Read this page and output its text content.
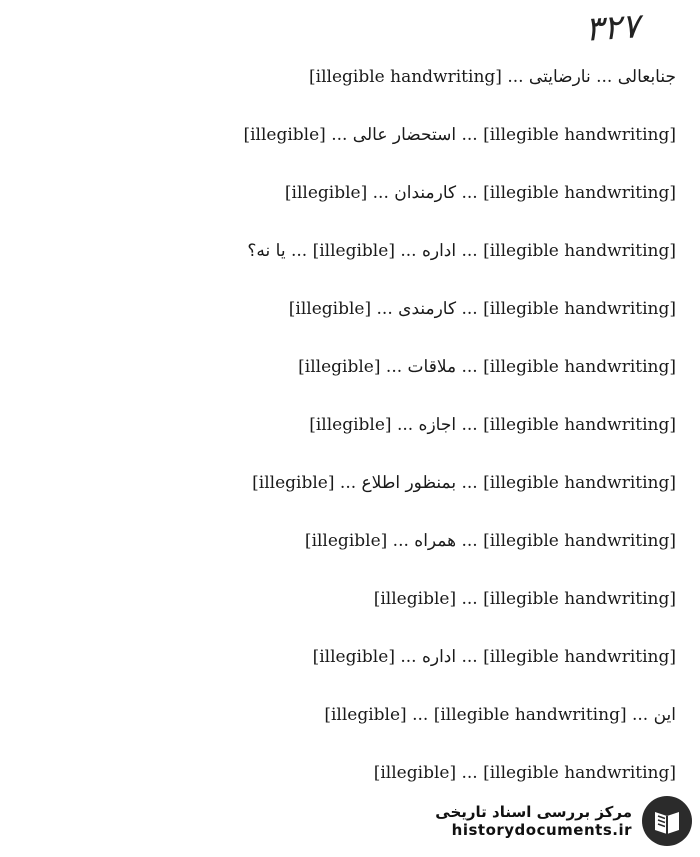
۳۲۷
جنابعالی ... نارضایتی ... [illegible handwriting]
[illegible handwriting] ... استحضار عالی ... [illegible]
[illegible handwriting] ... کارمندان ... [illegible]
[illegible handwriting] ... اداره ... [illegible] ... یا نه؟
[illegible handwriting] ... کارمندی ... [illegible]
[illegible handwriting] ... ملاقات ... [illegible]
[illegible handwriting] ... اجازه ... [illegible]
[illegible handwriting] ... بمنظور اطلاع ... [illegible]
[illegible handwriting] ... همراه ... [illegible]
[illegible handwriting] ... [illegible]
[illegible handwriting] ... اداره ... [illegible]
این ... [illegible handwriting] ... [illegible]
[illegible handwriting] ... [illegible]
مرکز بررسی اسناد تاریخی
historydocuments.ir
